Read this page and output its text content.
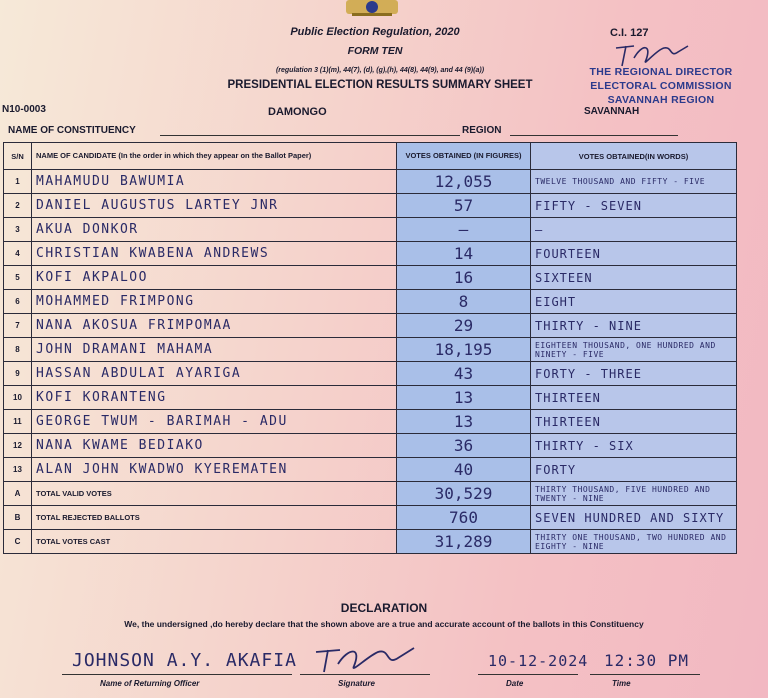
Public Election Regulation, 2020
FORM TEN
(regulation 3 (1)(m), 44(7), (d), (g),(h), 44(8), 44(9), and 44 (9)(a))
PRESIDENTIAL ELECTION RESULTS SUMMARY SHEET
C.I. 127
THE REGIONAL DIRECTOR
ELECTORAL COMMISSION
SAVANNAH REGION
N10-0003	DAMONGO	SAVANNAH
NAME OF CONSTITUENCY	REGION
S/N	NAME OF CANDIDATE (In the order in which they appear on the Ballot Paper)	VOTES OBTAINED (IN FIGURES)	VOTES OBTAINED(IN WORDS)
1	MAHAMUDU BAWUMIA	12,055	TWELVE THOUSAND AND FIFTY - FIVE
2	DANIEL AUGUSTUS LARTEY JNR	57	FIFTY - SEVEN
3	AKUA DONKOR	—	—
4	CHRISTIAN KWABENA ANDREWS	14	FOURTEEN
5	KOFI AKPALOO	16	SIXTEEN
6	MOHAMMED FRIMPONG	8	EIGHT
7	NANA AKOSUA FRIMPOMAA	29	THIRTY - NINE
8	JOHN DRAMANI MAHAMA	18,195	EIGHTEEN THOUSAND, ONE HUNDRED AND NINETY - FIVE
9	HASSAN ABDULAI AYARIGA	43	FORTY - THREE
10	KOFI KORANTENG	13	THIRTEEN
11	GEORGE TWUM - BARIMAH - ADU	13	THIRTEEN
12	NANA KWAME BEDIAKO	36	THIRTY - SIX
13	ALAN JOHN KWADWO KYEREMATEN	40	FORTY
A	TOTAL VALID VOTES	30,529	THIRTY THOUSAND, FIVE HUNDRED AND TWENTY - NINE
B	TOTAL REJECTED BALLOTS	760	SEVEN HUNDRED AND SIXTY
C	TOTAL VOTES CAST	31,289	THIRTY ONE THOUSAND, TWO HUNDRED AND EIGHTY - NINE
DECLARATION
We, the undersigned ,do hereby declare that the shown above are a true and accurate account of the ballots in this Constituency
JOHNSON A.Y. AKAFIA
Name of Returning Officer	Signature
10-12-2024
Date
12:30 PM
Time
